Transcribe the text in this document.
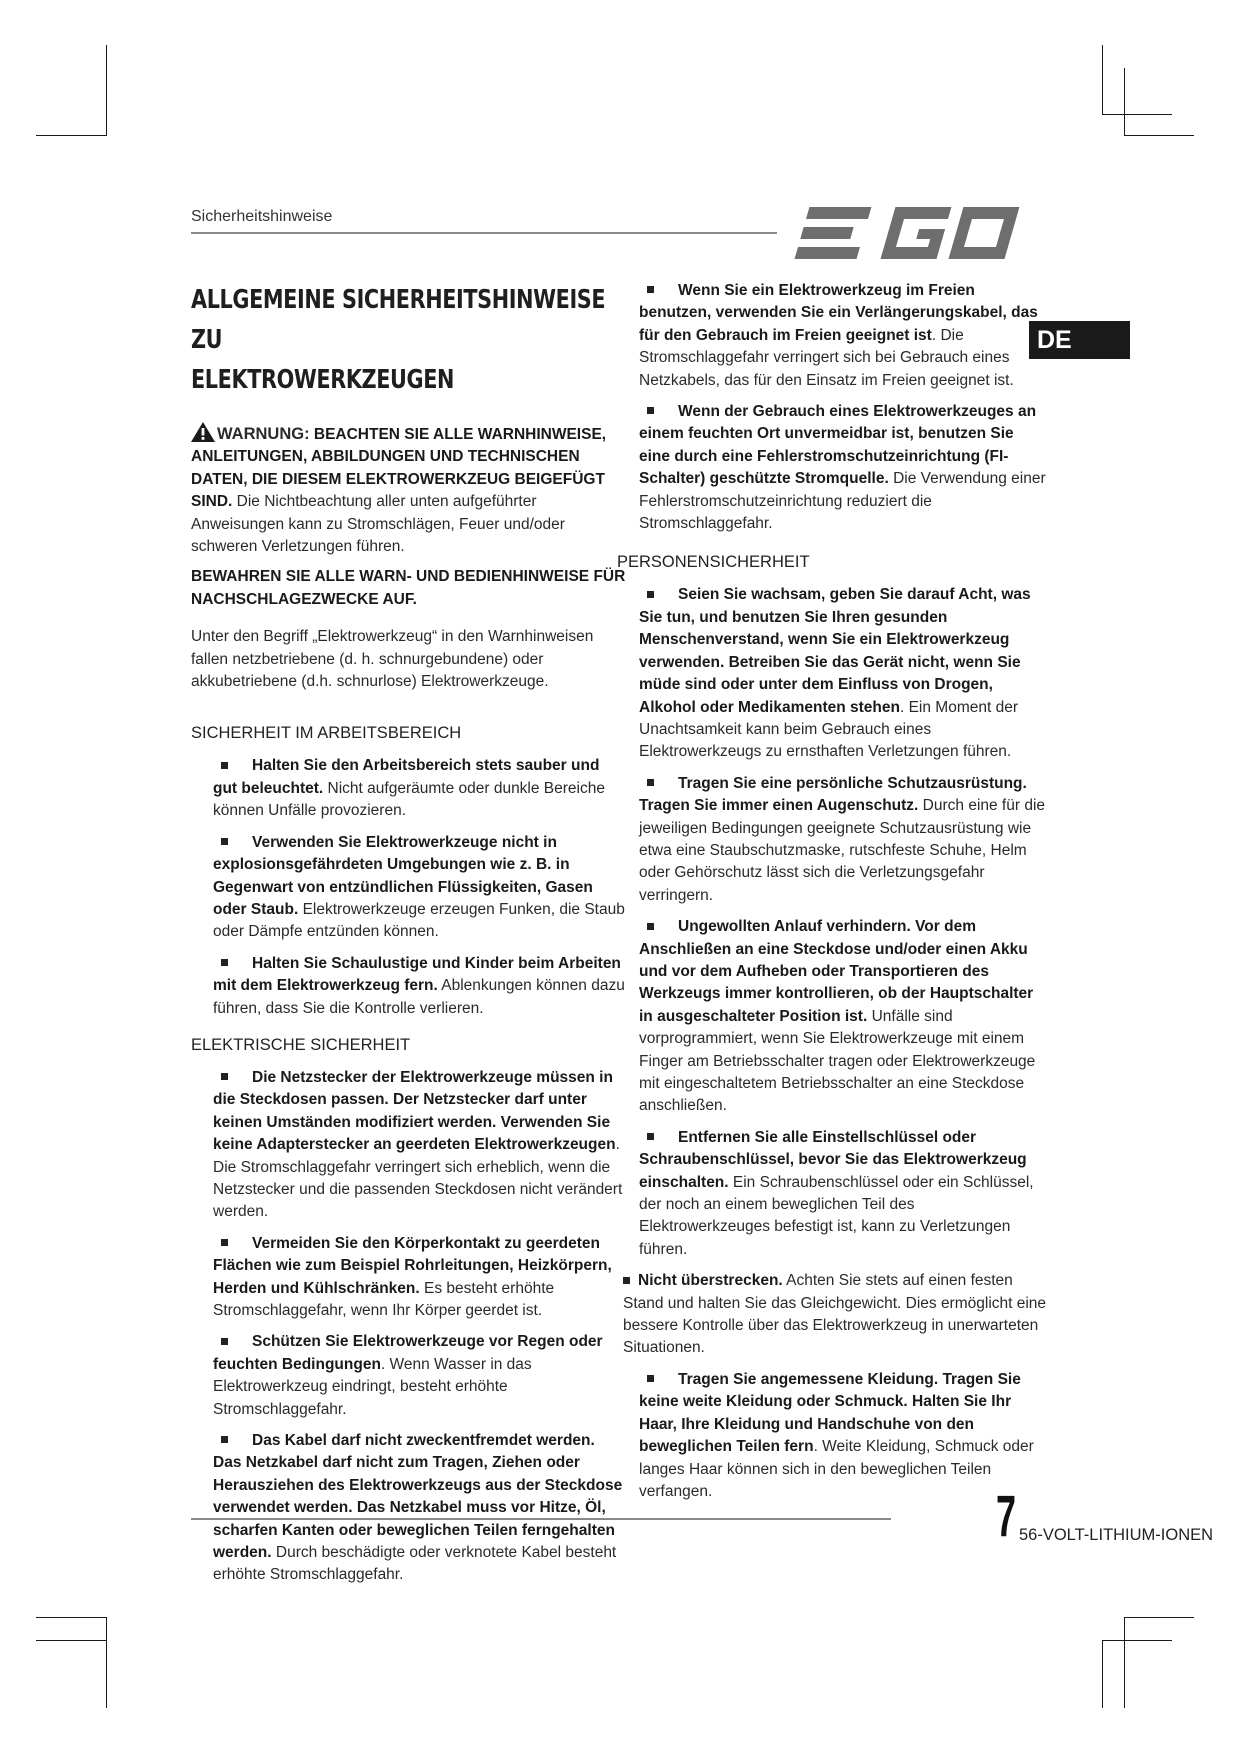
Sicherheitshinweise
DE
ALLGEMEINE SICHERHEITSHINWEISE ZU
ELEKTROWERKZEUGEN

WARNUNG: BEACHTEN SIE ALLE WARNHINWEISE, ANLEITUNGEN, ABBILDUNGEN UND TECHNISCHEN DATEN, DIE DIESEM ELEKTROWERKZEUG BEIGEFÜGT SIND. Die Nichtbeachtung aller unten aufgeführter Anweisungen kann zu Stromschlägen, Feuer und/oder schweren Verletzungen führen.

BEWAHREN SIE ALLE WARN- UND BEDIENHINWEISE FÜR NACHSCHLAGEZWECKE AUF.

Unter den Begriff „Elektrowerkzeug“ in den Warnhinweisen fallen netzbetriebene (d. h. schnurgebundene) oder akkubetriebene (d.h. schnurlose) Elektrowerkzeuge.

SICHERHEIT IM ARBEITSBEREICH

Halten Sie den Arbeitsbereich stets sauber und gut beleuchtet. Nicht aufgeräumte oder dunkle Bereiche können Unfälle provozieren.

Verwenden Sie Elektrowerkzeuge nicht in explosionsgefährdeten Umgebungen wie z. B. in Gegenwart von entzündlichen Flüssigkeiten, Gasen oder Staub. Elektrowerkzeuge erzeugen Funken, die Staub oder Dämpfe entzünden können.

Halten Sie Schaulustige und Kinder beim Arbeiten mit dem Elektrowerkzeug fern. Ablenkungen können dazu führen, dass Sie die Kontrolle verlieren.

ELEKTRISCHE SICHERHEIT

Die Netzstecker der Elektrowerkzeuge müssen in die Steckdosen passen. Der Netzstecker darf unter keinen Umständen modifiziert werden. Verwenden Sie keine Adapterstecker an geerdeten Elektrowerkzeugen. Die Stromschlaggefahr verringert sich erheblich, wenn die Netzstecker und die passenden Steckdosen nicht verändert werden.

Vermeiden Sie den Körperkontakt zu geerdeten Flächen wie zum Beispiel Rohrleitungen, Heizkörpern, Herden und Kühlschränken. Es besteht erhöhte Stromschlaggefahr, wenn Ihr Körper geerdet ist.

Schützen Sie Elektrowerkzeuge vor Regen oder feuchten Bedingungen. Wenn Wasser in das Elektrowerkzeug eindringt, besteht erhöhte Stromschlaggefahr.

Das Kabel darf nicht zweckentfremdet werden. Das Netzkabel darf nicht zum Tragen, Ziehen oder Herausziehen des Elektrowerkzeugs aus der Steckdose verwendet werden. Das Netzkabel muss vor Hitze, Öl, scharfen Kanten oder beweglichen Teilen ferngehalten werden. Durch beschädigte oder verknotete Kabel besteht erhöhte Stromschlaggefahr.

Wenn Sie ein Elektrowerkzeug im Freien benutzen, verwenden Sie ein Verlängerungskabel, das für den Gebrauch im Freien geeignet ist. Die Stromschlaggefahr verringert sich bei Gebrauch eines Netzkabels, das für den Einsatz im Freien geeignet ist.

Wenn der Gebrauch eines Elektrowerkzeuges an einem feuchten Ort unvermeidbar ist, benutzen Sie eine durch eine Fehlerstromschutzeinrichtung (FI-Schalter) geschützte Stromquelle. Die Verwendung einer Fehlerstromschutzeinrichtung reduziert die Stromschlaggefahr.

PERSONENSICHERHEIT

Seien Sie wachsam, geben Sie darauf Acht, was Sie tun, und benutzen Sie Ihren gesunden Menschenverstand, wenn Sie ein Elektrowerkzeug verwenden. Betreiben Sie das Gerät nicht, wenn Sie müde sind oder unter dem Einfluss von Drogen, Alkohol oder Medikamenten stehen. Ein Moment der Unachtsamkeit kann beim Gebrauch eines Elektrowerkzeugs zu ernsthaften Verletzungen führen.

Tragen Sie eine persönliche Schutzausrüstung. Tragen Sie immer einen Augenschutz. Durch eine für die jeweiligen Bedingungen geeignete Schutzausrüstung wie etwa eine Staubschutzmaske, rutschfeste Schuhe, Helm oder Gehörschutz lässt sich die Verletzungsgefahr verringern.

Ungewollten Anlauf verhindern. Vor dem Anschließen an eine Steckdose und/oder einen Akku und vor dem Aufheben oder Transportieren des Werkzeugs immer kontrollieren, ob der Hauptschalter in ausgeschalteter Position ist. Unfälle sind vorprogrammiert, wenn Sie Elektrowerkzeuge mit einem Finger am Betriebsschalter tragen oder Elektrowerkzeuge mit eingeschaltetem Betriebsschalter an eine Steckdose anschließen.

Entfernen Sie alle Einstellschlüssel oder Schraubenschlüssel, bevor Sie das Elektrowerkzeug einschalten. Ein Schraubenschlüssel oder ein Schlüssel, der noch an einem beweglichen Teil des Elektrowerkzeuges befestigt ist, kann zu Verletzungen führen.

Nicht überstrecken. Achten Sie stets auf einen festen Stand und halten Sie das Gleichgewicht. Dies ermöglicht eine bessere Kontrolle über das Elektrowerkzeug in unerwarteten Situationen.

Tragen Sie angemessene Kleidung. Tragen Sie keine weite Kleidung oder Schmuck. Halten Sie Ihr Haar, Ihre Kleidung und Handschuhe von den beweglichen Teilen fern. Weite Kleidung, Schmuck oder langes Haar können sich in den beweglichen Teilen verfangen.	7 56-VOLT-LITHIUM-IONEN
